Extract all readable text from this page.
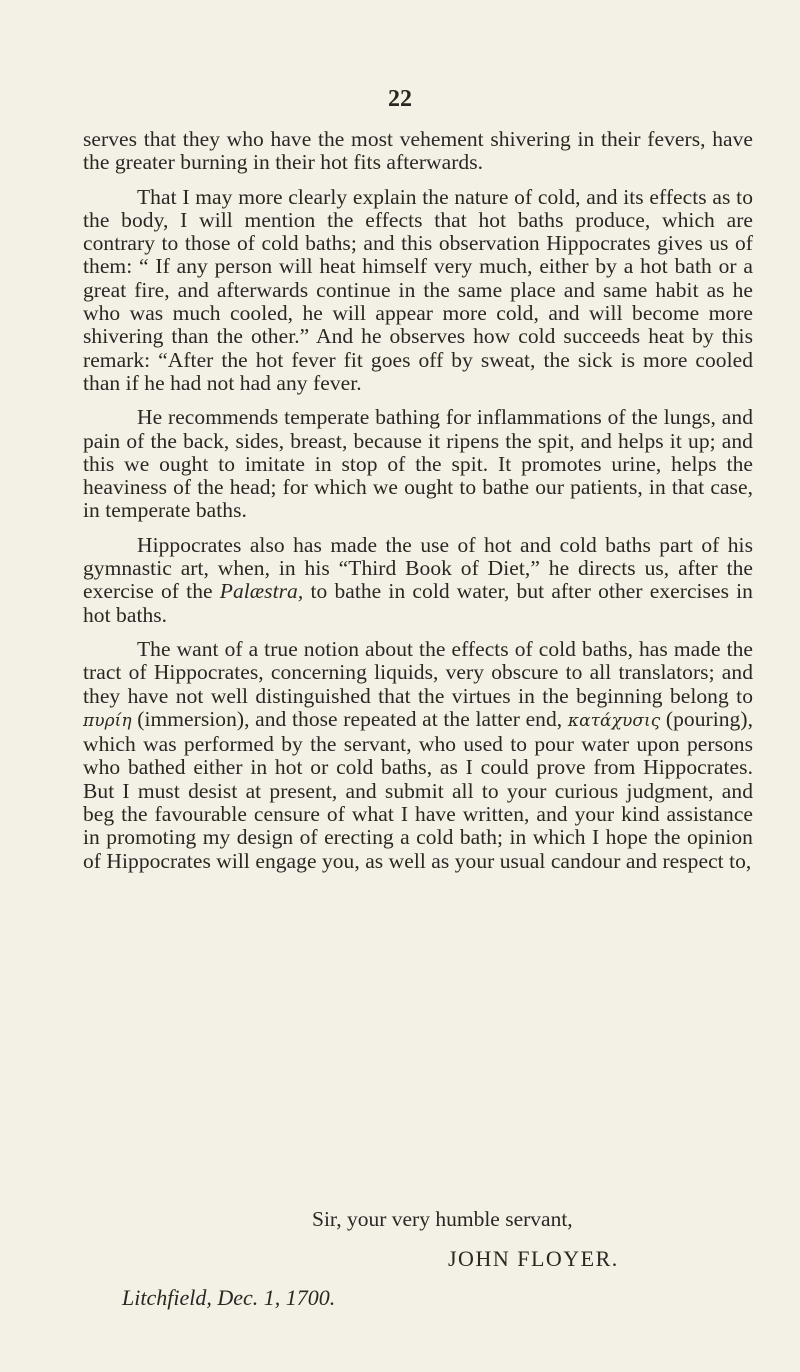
22

serves that they who have the most vehement shivering in their fevers, have the greater burning in their hot fits afterwards.

That I may more clearly explain the nature of cold, and its effects as to the body, I will mention the effects that hot baths produce, which are contrary to those of cold baths; and this observation Hippocrates gives us of them: “ If any person will heat himself very much, either by a hot bath or a great fire, and afterwards continue in the same place and same habit as he who was much cooled, he will appear more cold, and will become more shivering than the other.” And he observes how cold succeeds heat by this remark: “After the hot fever fit goes off by sweat, the sick is more cooled than if he had not had any fever.

He recommends temperate bathing for inflammations of the lungs, and pain of the back, sides, breast, because it ripens the spit, and helps it up; and this we ought to imitate in stop of the spit. It promotes urine, helps the heaviness of the head; for which we ought to bathe our patients, in that case, in temperate baths.

Hippocrates also has made the use of hot and cold baths part of his gymnastic art, when, in his “Third Book of Diet,” he directs us, after the exercise of the Palæstra, to bathe in cold water, but after other exercises in hot baths.

The want of a true notion about the effects of cold baths, has made the tract of Hippocrates, concerning liquids, very obscure to all translators; and they have not well distinguished that the virtues in the beginning belong to πυρίη (immersion), and those repeated at the latter end, κατάχυσις (pouring), which was performed by the servant, who used to pour water upon persons who bathed either in hot or cold baths, as I could prove from Hippocrates. But I must desist at present, and submit all to your curious judgment, and beg the favourable censure of what I have written, and your kind assistance in promoting my design of erecting a cold bath; in which I hope the opinion of Hippocrates will engage you, as well as your usual candour and respect to,

Sir, your very humble servant,
JOHN FLOYER.
Litchfield, Dec. 1, 1700.
